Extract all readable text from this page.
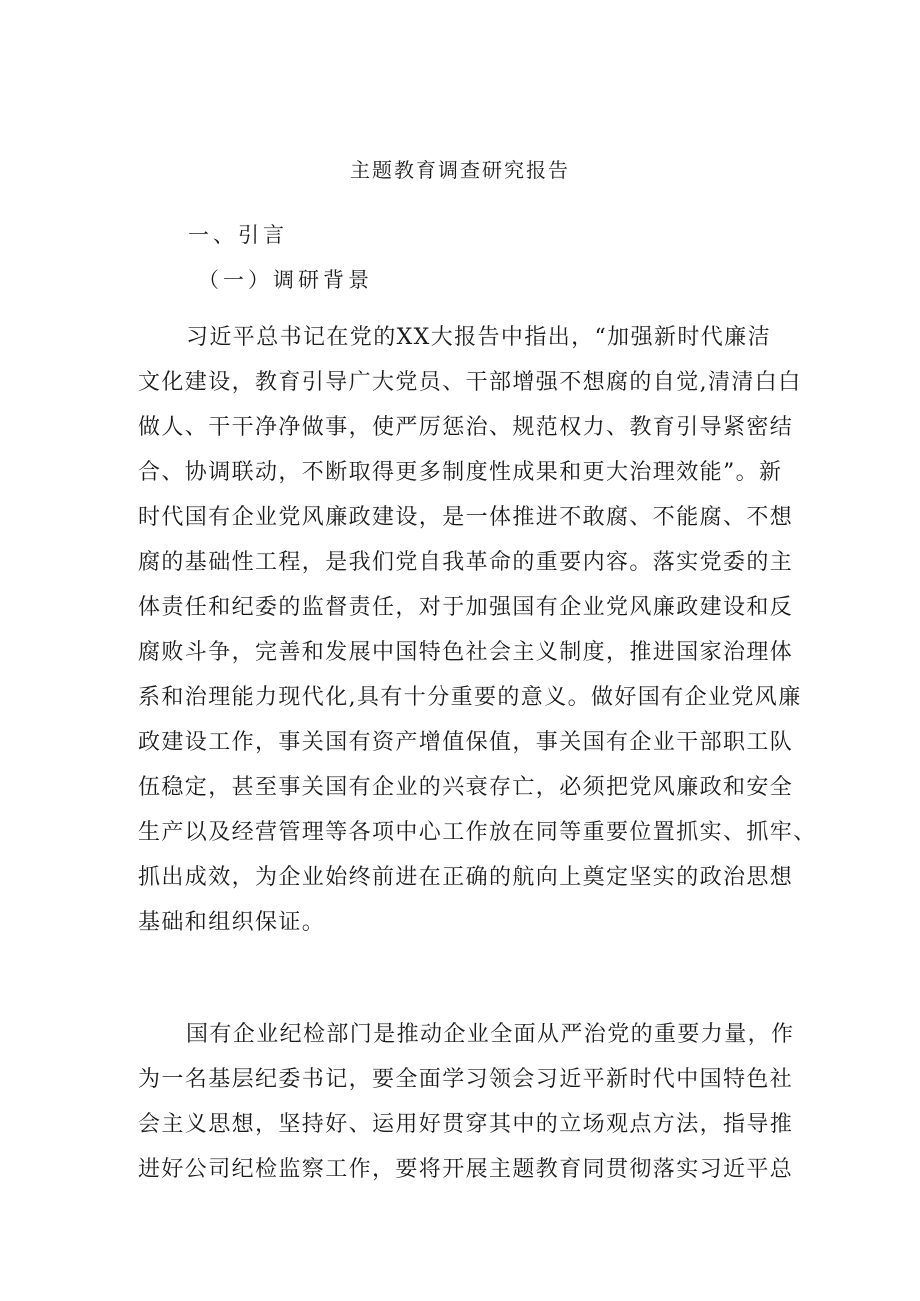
主题教育调查研究报告
一、引言
（一）调研背景
习近平总书记在党的XX大报告中指出，“加强新时代廉洁
文化建设，教育引导广大党员、干部增强不想腐的自觉,清清白白
做人、干干净净做事，使严厉惩治、规范权力、教育引导紧密结
合、协调联动，不断取得更多制度性成果和更大治理效能”。新
时代国有企业党风廉政建设，是一体推进不敢腐、不能腐、不想
腐的基础性工程，是我们党自我革命的重要内容。落实党委的主
体责任和纪委的监督责任，对于加强国有企业党风廉政建设和反
腐败斗争，完善和发展中国特色社会主义制度，推进国家治理体
系和治理能力现代化,具有十分重要的意义。做好国有企业党风廉
政建设工作，事关国有资产增值保值，事关国有企业干部职工队
伍稳定，甚至事关国有企业的兴衰存亡，必须把党风廉政和安全
生产以及经营管理等各项中心工作放在同等重要位置抓实、抓牢、
抓出成效，为企业始终前进在正确的航向上奠定坚实的政治思想
基础和组织保证。
国有企业纪检部门是推动企业全面从严治党的重要力量，作
为一名基层纪委书记，要全面学习领会习近平新时代中国特色社
会主义思想，坚持好、运用好贯穿其中的立场观点方法，指导推
进好公司纪检监察工作，要将开展主题教育同贯彻落实习近平总
